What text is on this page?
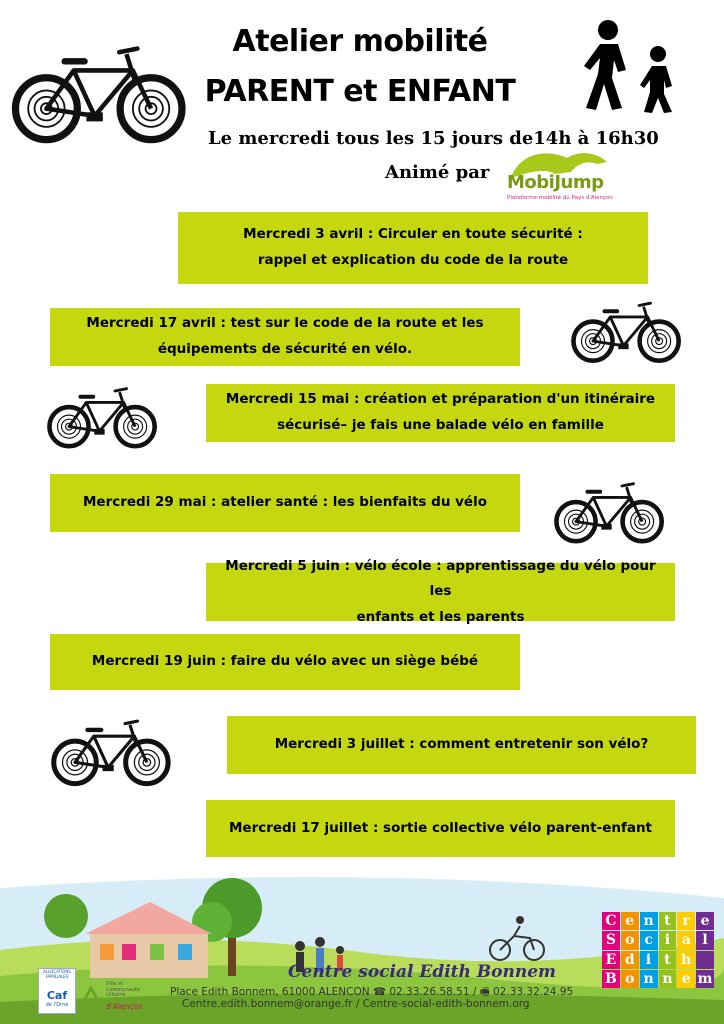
Atelier mobilité
PARENT et ENFANT
Le mercredi tous les 15 jours de14h à 16h30
Animé par MobiJump
Plateforme mobilité du Pays d'Alençon
Mercredi 3 avril : Circuler en toute sécurité :
rappel et explication du code de la route
Mercredi 17 avril : test sur le code de la route et les
équipements de sécurité en vélo.
Mercredi 15 mai : création et préparation d'un itinéraire
sécurisé– je fais une balade vélo en famille
Mercredi 29 mai : atelier santé : les bienfaits du vélo
Mercredi 5 juin : vélo école : apprentissage du vélo pour les
enfants et les parents
Mercredi 19 juin : faire du vélo avec un siège bébé
Mercredi 3 juillet : comment entretenir son vélo?
Mercredi 17 juillet : sortie collective vélo parent-enfant
Centre social Edith Bonnem
Place Edith Bonnem, 61000 ALENCON ☎ 02.33.26.58.51 / 🖷 02.33.32.24.95
Centre.edith.bonnem@orange.fr / Centre-social-edith-bonnem.org
ALLOCATIONS FAMILIALES
Caf
de l'Orne
Ville et Communauté Urbaine
d'Alençon
C e n t r e
S o c i a l
E d i t h
B o n n e m
